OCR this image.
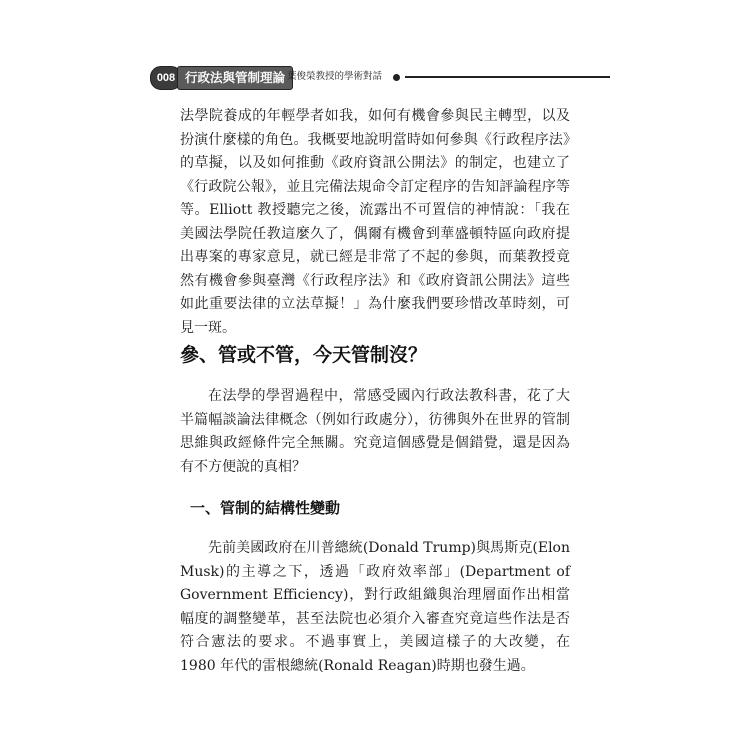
008 行政法與管制理論 葉俊榮教授的學術對話

法學院養成的年輕學者如我，如何有機會參與民主轉型，以及扮演什麼樣的角色。我概要地說明當時如何參與《行政程序法》的草擬，以及如何推動《政府資訊公開法》的制定，也建立了《行政院公報》，並且完備法規命令訂定程序的告知評論程序等等。Elliott 教授聽完之後，流露出不可置信的神情說：「我在美國法學院任教這麼久了，偶爾有機會到華盛頓特區向政府提出專案的專家意見，就已經是非常了不起的參與，而葉教授竟然有機會參與臺灣《行政程序法》和《政府資訊公開法》這些如此重要法律的立法草擬！」為什麼我們要珍惜改革時刻，可見一斑。

參、管或不管，今天管制沒？

在法學的學習過程中，常感受國內行政法教科書，花了大半篇幅談論法律概念（例如行政處分），彷彿與外在世界的管制思維與政經條件完全無關。究竟這個感覺是個錯覺，還是因為有不方便說的真相？

一、管制的結構性變動

先前美國政府在川普總統(Donald Trump)與馬斯克(Elon Musk)的主導之下，透過「政府效率部」(Department of Government Efficiency)，對行政組織與治理層面作出相當幅度的調整變革，甚至法院也必須介入審查究竟這些作法是否符合憲法的要求。不過事實上，美國這樣子的大改變，在 1980 年代的雷根總統(Ronald Reagan)時期也發生過。
